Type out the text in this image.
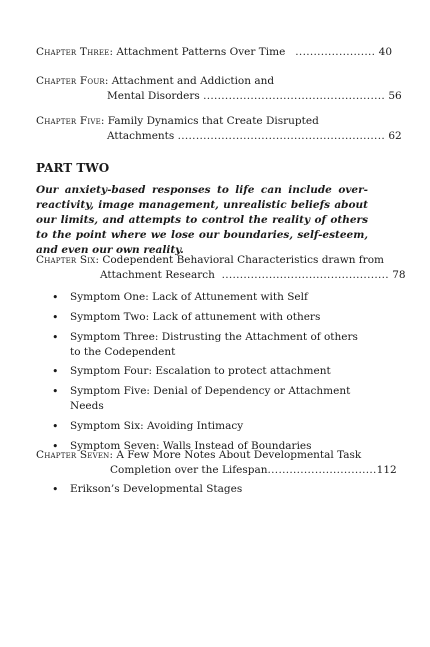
Chapter Three: Attachment Patterns Over Time ...................... 40
Chapter Four: Attachment and Addiction and
Mental Disorders .................................................. 56
Chapter Five: Family Dynamics that Create Disrupted
Attachments ......................................................... 62
PART TWO
Our anxiety-based responses to life can include over-reactivity, image management, unrealistic beliefs about our limits, and attempts to control the reality of others to the point where we lose our boundaries, self-esteem, and even our own reality.
Chapter Six: Codependent Behavioral Characteristics drawn from
Attachment Research .............................................. 78
• Symptom One: Lack of Attunement with Self
• Symptom Two: Lack of attunement with others
• Symptom Three: Distrusting the Attachment of others to the Codependent
• Symptom Four: Escalation to protect attachment
• Symptom Five: Denial of Dependency or Attachment Needs
• Symptom Six: Avoiding Intimacy
• Symptom Seven: Walls Instead of Boundaries
Chapter Seven: A Few More Notes About Developmental Task
Completion over the Lifespan..............................112
• Erikson’s Developmental Stages
